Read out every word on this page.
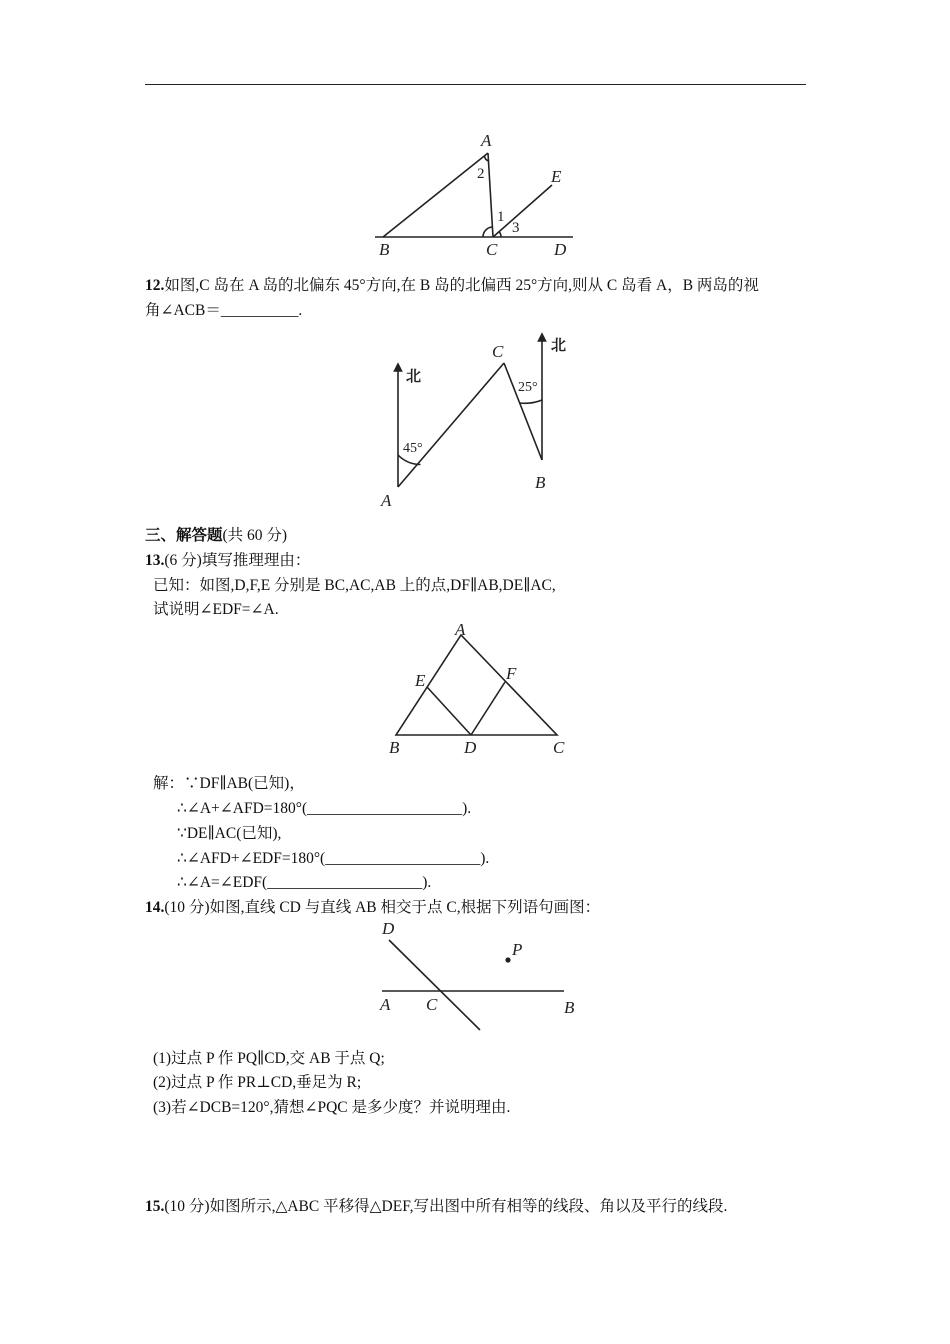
A
B	C	D
E
1
2
3
12.如图,C 岛在 A 岛的北偏东 45°方向,在 B 岛的北偏西 25°方向,则从 C 岛看 A，B 两岛的视
角∠ACB＝__________.
北
北
45°
25°
C
A
B
三、解答题(共 60 分)
13.(6 分)填写推理理由：
已知：如图,D,F,E 分别是 BC,AC,AB 上的点,DF∥AB,DE∥AC,
试说明∠EDF=∠A.
A
B	C
D
E	F
解：∵DF∥AB(已知)，
∴∠A+∠AFD=180°(____________________).
∵DE∥AC(已知),
∴∠AFD+∠EDF=180°(____________________).
∴∠A=∠EDF(____________________).
14.(10 分)如图,直线 CD 与直线 AB 相交于点 C,根据下列语句画图：
D
P
A C	B
(1)过点 P 作 PQ∥CD,交 AB 于点 Q;
(2)过点 P 作 PR⊥CD,垂足为 R;
(3)若∠DCB=120°,猜想∠PQC 是多少度？并说明理由.
15.(10 分)如图所示,△ABC 平移得△DEF,写出图中所有相等的线段、角以及平行的线段.
